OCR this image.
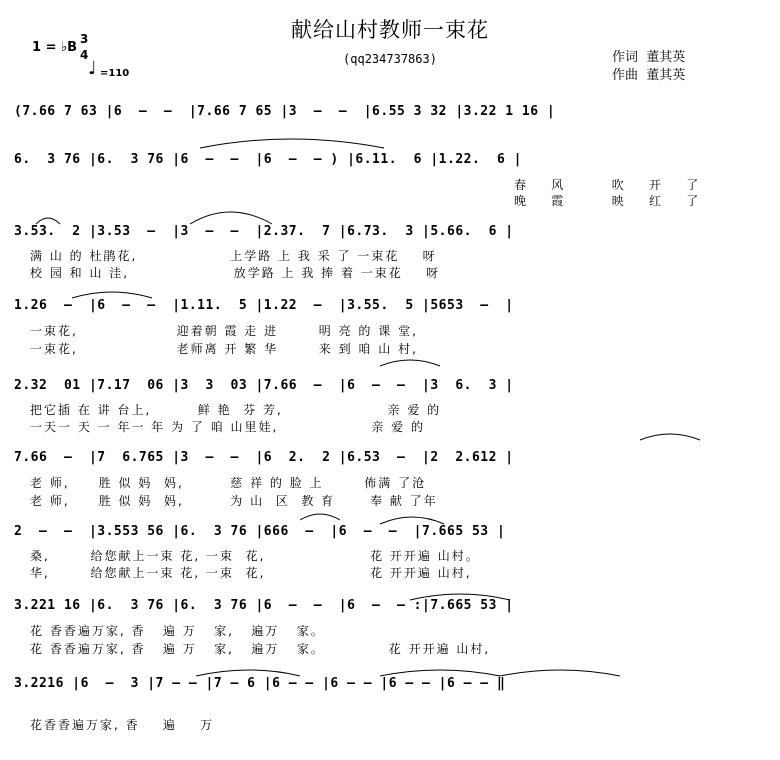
献给山村教师一束花
(qq234737863)
1 = ♭B
3
4
♩ =110
作词  董其英
作曲  董其英
(7.66 7 63 |6  –  –  |7.66 7 65 |3  –  –  |6.55 3 32 |3.22 1 16 |
6.  3 76 |6.  3 76 |6  –  –  |6  –  – ) |6.11.  6 |1.22.  6 |
春    风        吹    开    了
晚    霞        映    红    了
3.53.  2 |3.53  –  |3  –  –  |2.37.  7 |6.73.  3 |5.66.  6 |
满 山 的 杜鹃花,                上学路 上 我 采 了 一束花    呀
校 园 和 山 洼,                  放学路 上 我 捧 着 一束花    呀
1.26  –  |6  –  –  |1.11.  5 |1.22  –  |3.55.  5 |5653  –  |
一束花,                 迎着朝 霞 走 进       明 亮 的 课 堂,
一束花,                 老师离 开 繁 华       来 到 咱 山 村,
2.32  01 |7.17  06 |3  3  03 |7.66  –  |6  –  –  |3  6.  3 |
把它插 在 讲 台上,        鲜 艳  芬 芳,                  亲 爱 的
一天一 天 一 年一 年 为 了 咱 山里娃,                亲 爱 的
7.66  –  |7  6.765 |3  –  –  |6  2.  2 |6.53  –  |2  2.612 |
老 师,     胜 似 妈  妈,        慈 祥 的 脸 上       佈满 了沧
老 师,     胜 似 妈  妈,        为 山  区  教 育      奉 献 了年
2  –  –  |3.553 56 |6.  3 76 |666  –  |6  –  –  |7.665 53 |
桑,       给您献上一束 花, 一束  花,                  花 开开遍 山村。
华,       给您献上一束 花, 一束  花,                  花 开开遍 山村,
3.221 16 |6.  3 76 |6.  3 76 |6  –  –  |6  –  – :|7.665 53 |
花 香香遍万家, 香   遍 万   家,   遍万   家。
花 香香遍万家, 香   遍 万   家,   遍万   家。           花 开开遍 山村,
3.2216 |6  –  3 |7 – – |7 – 6 |6 – – |6 – – |6 – – |6 – – ‖
花香香遍万家, 香    遍    万
